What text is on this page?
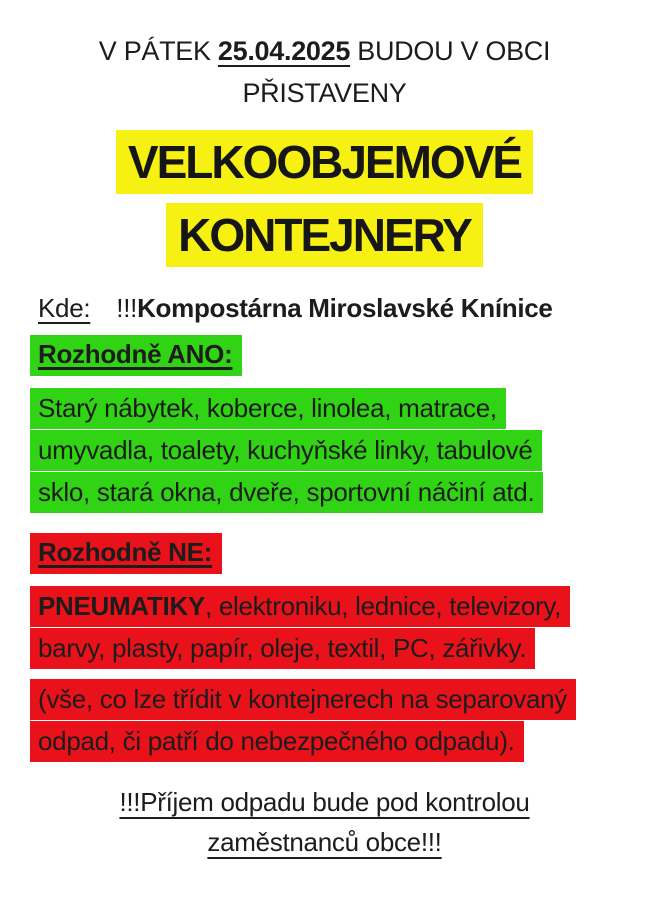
V PÁTEK 25.04.2025 BUDOU V OBCI

PŘISTAVENY

VELKOOBJEMOVÉ
KONTEJNERY

Kde: !!!Kompostárna Miroslavské Knínice

Rozhodně ANO:

Starý nábytek, koberce, linolea, matrace,
umyvadla, toalety, kuchyňské linky, tabulové
sklo, stará okna, dveře, sportovní náčiní atd.

Rozhodně NE:

PNEUMATIKY, elektroniku, lednice, televizory,
barvy, plasty, papír, oleje, textil, PC, zářivky.
(vše, co lze třídit v kontejnerech na separovaný
odpad, či patří do nebezpečného odpadu).

!!!Příjem odpadu bude pod kontrolou

zaměstnanců obce!!!
